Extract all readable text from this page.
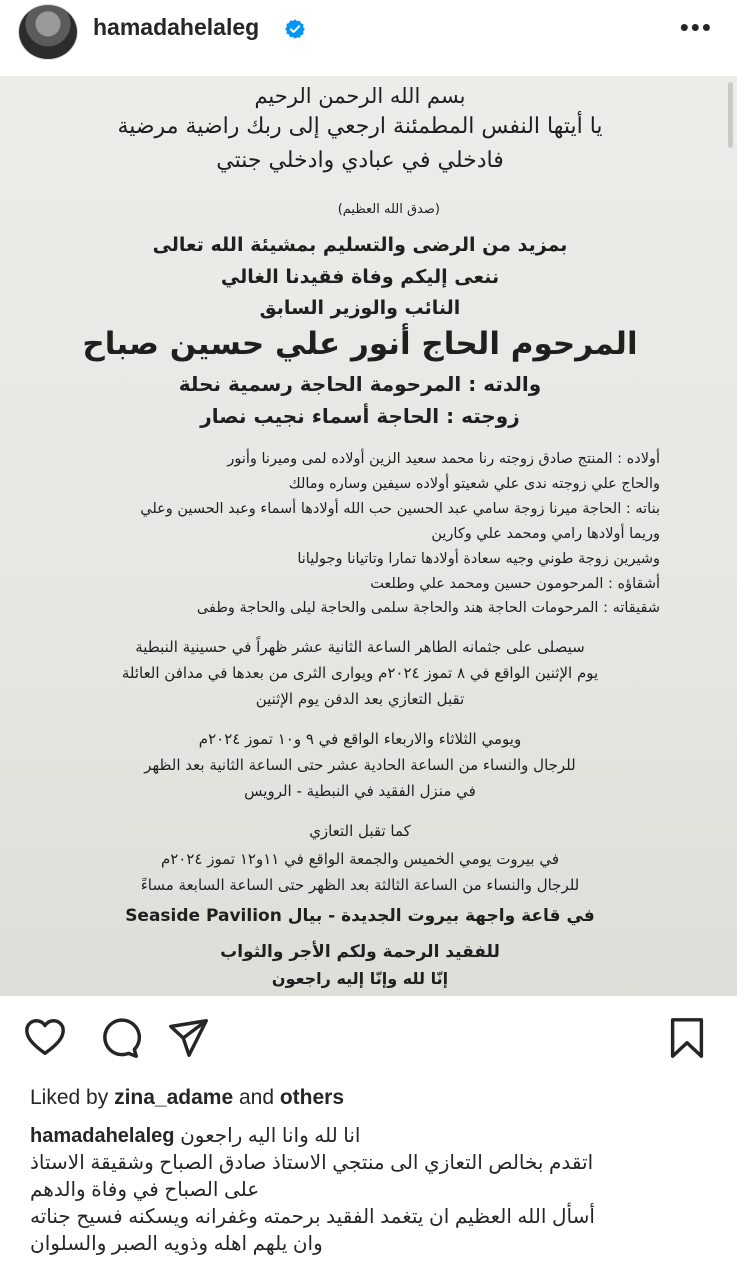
hamadahelaleg	•••
بسم الله الرحمن الرحيم
يا أيتها النفس المطمئنة ارجعي إلى ربك راضية مرضية
فادخلي في عبادي وادخلي جنتي
(صدق الله العظيم)
بمزيد من الرضى والتسليم بمشيئة الله تعالى
ننعى إليكم وفاة فقيدنا الغالي
النائب والوزير السابق
المرحوم الحاج أنور علي حسين صباح
والدته : المرحومة الحاجة رسمية نحلة
زوجته : الحاجة أسماء نجيب نصار
أولاده : المنتج صادق زوجته رنا محمد سعيد الزين أولاده لمى وميرنا وأنور
والحاج علي زوجته ندى علي شعيتو أولاده سيفين وساره ومالك
بناته : الحاجة ميرنا زوجة سامي عبد الحسين حب الله أولادها أسماء وعبد الحسين وعلي
وريما أولادها رامي ومحمد علي وكارين
وشيرين زوجة طوني وجيه سعادة أولادها تمارا وتاتيانا وجوليانا
أشقاؤه : المرحومون حسين ومحمد علي وطلعت
شقيقاته : المرحومات الحاجة هند والحاجة سلمى والحاجة ليلى والحاجة وطفى
سيصلى على جثمانه الطاهر الساعة الثانية عشر ظهراً في حسينية النبطية
يوم الإثنين الواقع في ٨ تموز ٢٠٢٤م ويوارى الثرى من بعدها في مدافن العائلة
تقبل التعازي بعد الدفن يوم الإثنين
ويومي الثلاثاء والاربعاء الواقع في ٩ و١٠ تموز ٢٠٢٤م
للرجال والنساء من الساعة الحادية عشر حتى الساعة الثانية بعد الظهر
في منزل الفقيد في النبطية - الرويس
كما تقبل التعازي
في بيروت يومي الخميس والجمعة الواقع في ١١و١٢ تموز ٢٠٢٤م
للرجال والنساء من الساعة الثالثة بعد الظهر حتى الساعة السابعة مساءً
في قاعة واجهة بيروت الجديدة - بيال Seaside Pavilion
للفقيد الرحمة ولكم الأجر والثواب
إنّا لله وإنّا إليه راجعون
Liked by zina_adame and others
hamadahelaleg انا لله وانا اليه راجعون
اتقدم بخالص التعازي الى منتجي الاستاذ صادق الصباح وشقيقة الاستاذ
على الصباح في وفاة والدهم
أسأل الله العظيم ان يتغمد الفقيد برحمته وغفرانه ويسكنه فسيح جناته
وان يلهم اهله وذويه الصبر والسلوان
